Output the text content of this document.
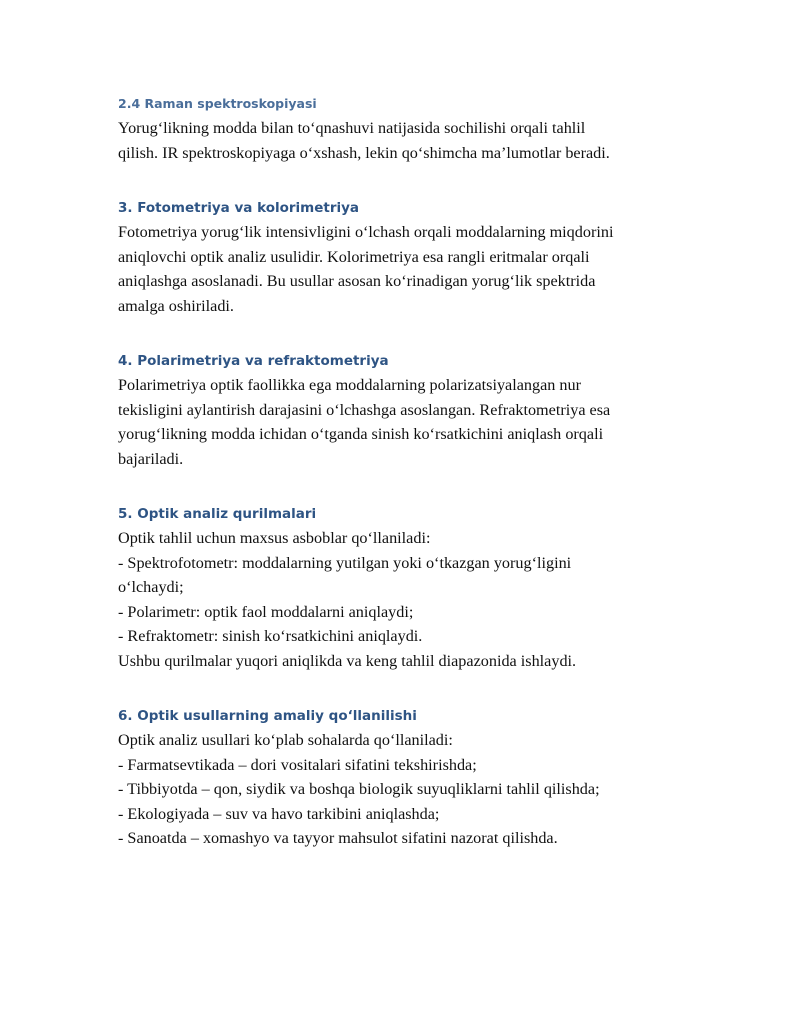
2.4 Raman spektroskopiyasi
Yorug‘likning modda bilan to‘qnashuvi natijasida sochilishi orqali tahlil
qilish. IR spektroskopiyaga o‘xshash, lekin qo‘shimcha ma’lumotlar beradi.
3. Fotometriya va kolorimetriya
Fotometriya yorug‘lik intensivligini o‘lchash orqali moddalarning miqdorini
aniqlovchi optik analiz usulidir. Kolorimetriya esa rangli eritmalar orqali
aniqlashga asoslanadi. Bu usullar asosan ko‘rinadigan yorug‘lik spektrida
amalga oshiriladi.
4. Polarimetriya va refraktometriya
Polarimetriya optik faollikka ega moddalarning polarizatsiyalangan nur
tekisligini aylantirish darajasini o‘lchashga asoslangan. Refraktometriya esa
yorug‘likning modda ichidan o‘tganda sinish ko‘rsatkichini aniqlash orqali
bajariladi.
5. Optik analiz qurilmalari
Optik tahlil uchun maxsus asboblar qo‘llaniladi:
- Spektrofotometr: moddalarning yutilgan yoki o‘tkazgan yorug‘ligini
o‘lchaydi;
- Polarimetr: optik faol moddalarni aniqlaydi;
- Refraktometr: sinish ko‘rsatkichini aniqlaydi.
Ushbu qurilmalar yuqori aniqlikda va keng tahlil diapazonida ishlaydi.
6. Optik usullarning amaliy qo‘llanilishi
Optik analiz usullari ko‘plab sohalarda qo‘llaniladi:
- Farmatsevtikada – dori vositalari sifatini tekshirishda;
- Tibbiyotda – qon, siydik va boshqa biologik suyuqliklarni tahlil qilishda;
- Ekologiyada – suv va havo tarkibini aniqlashda;
- Sanoatda – xomashyo va tayyor mahsulot sifatini nazorat qilishda.
